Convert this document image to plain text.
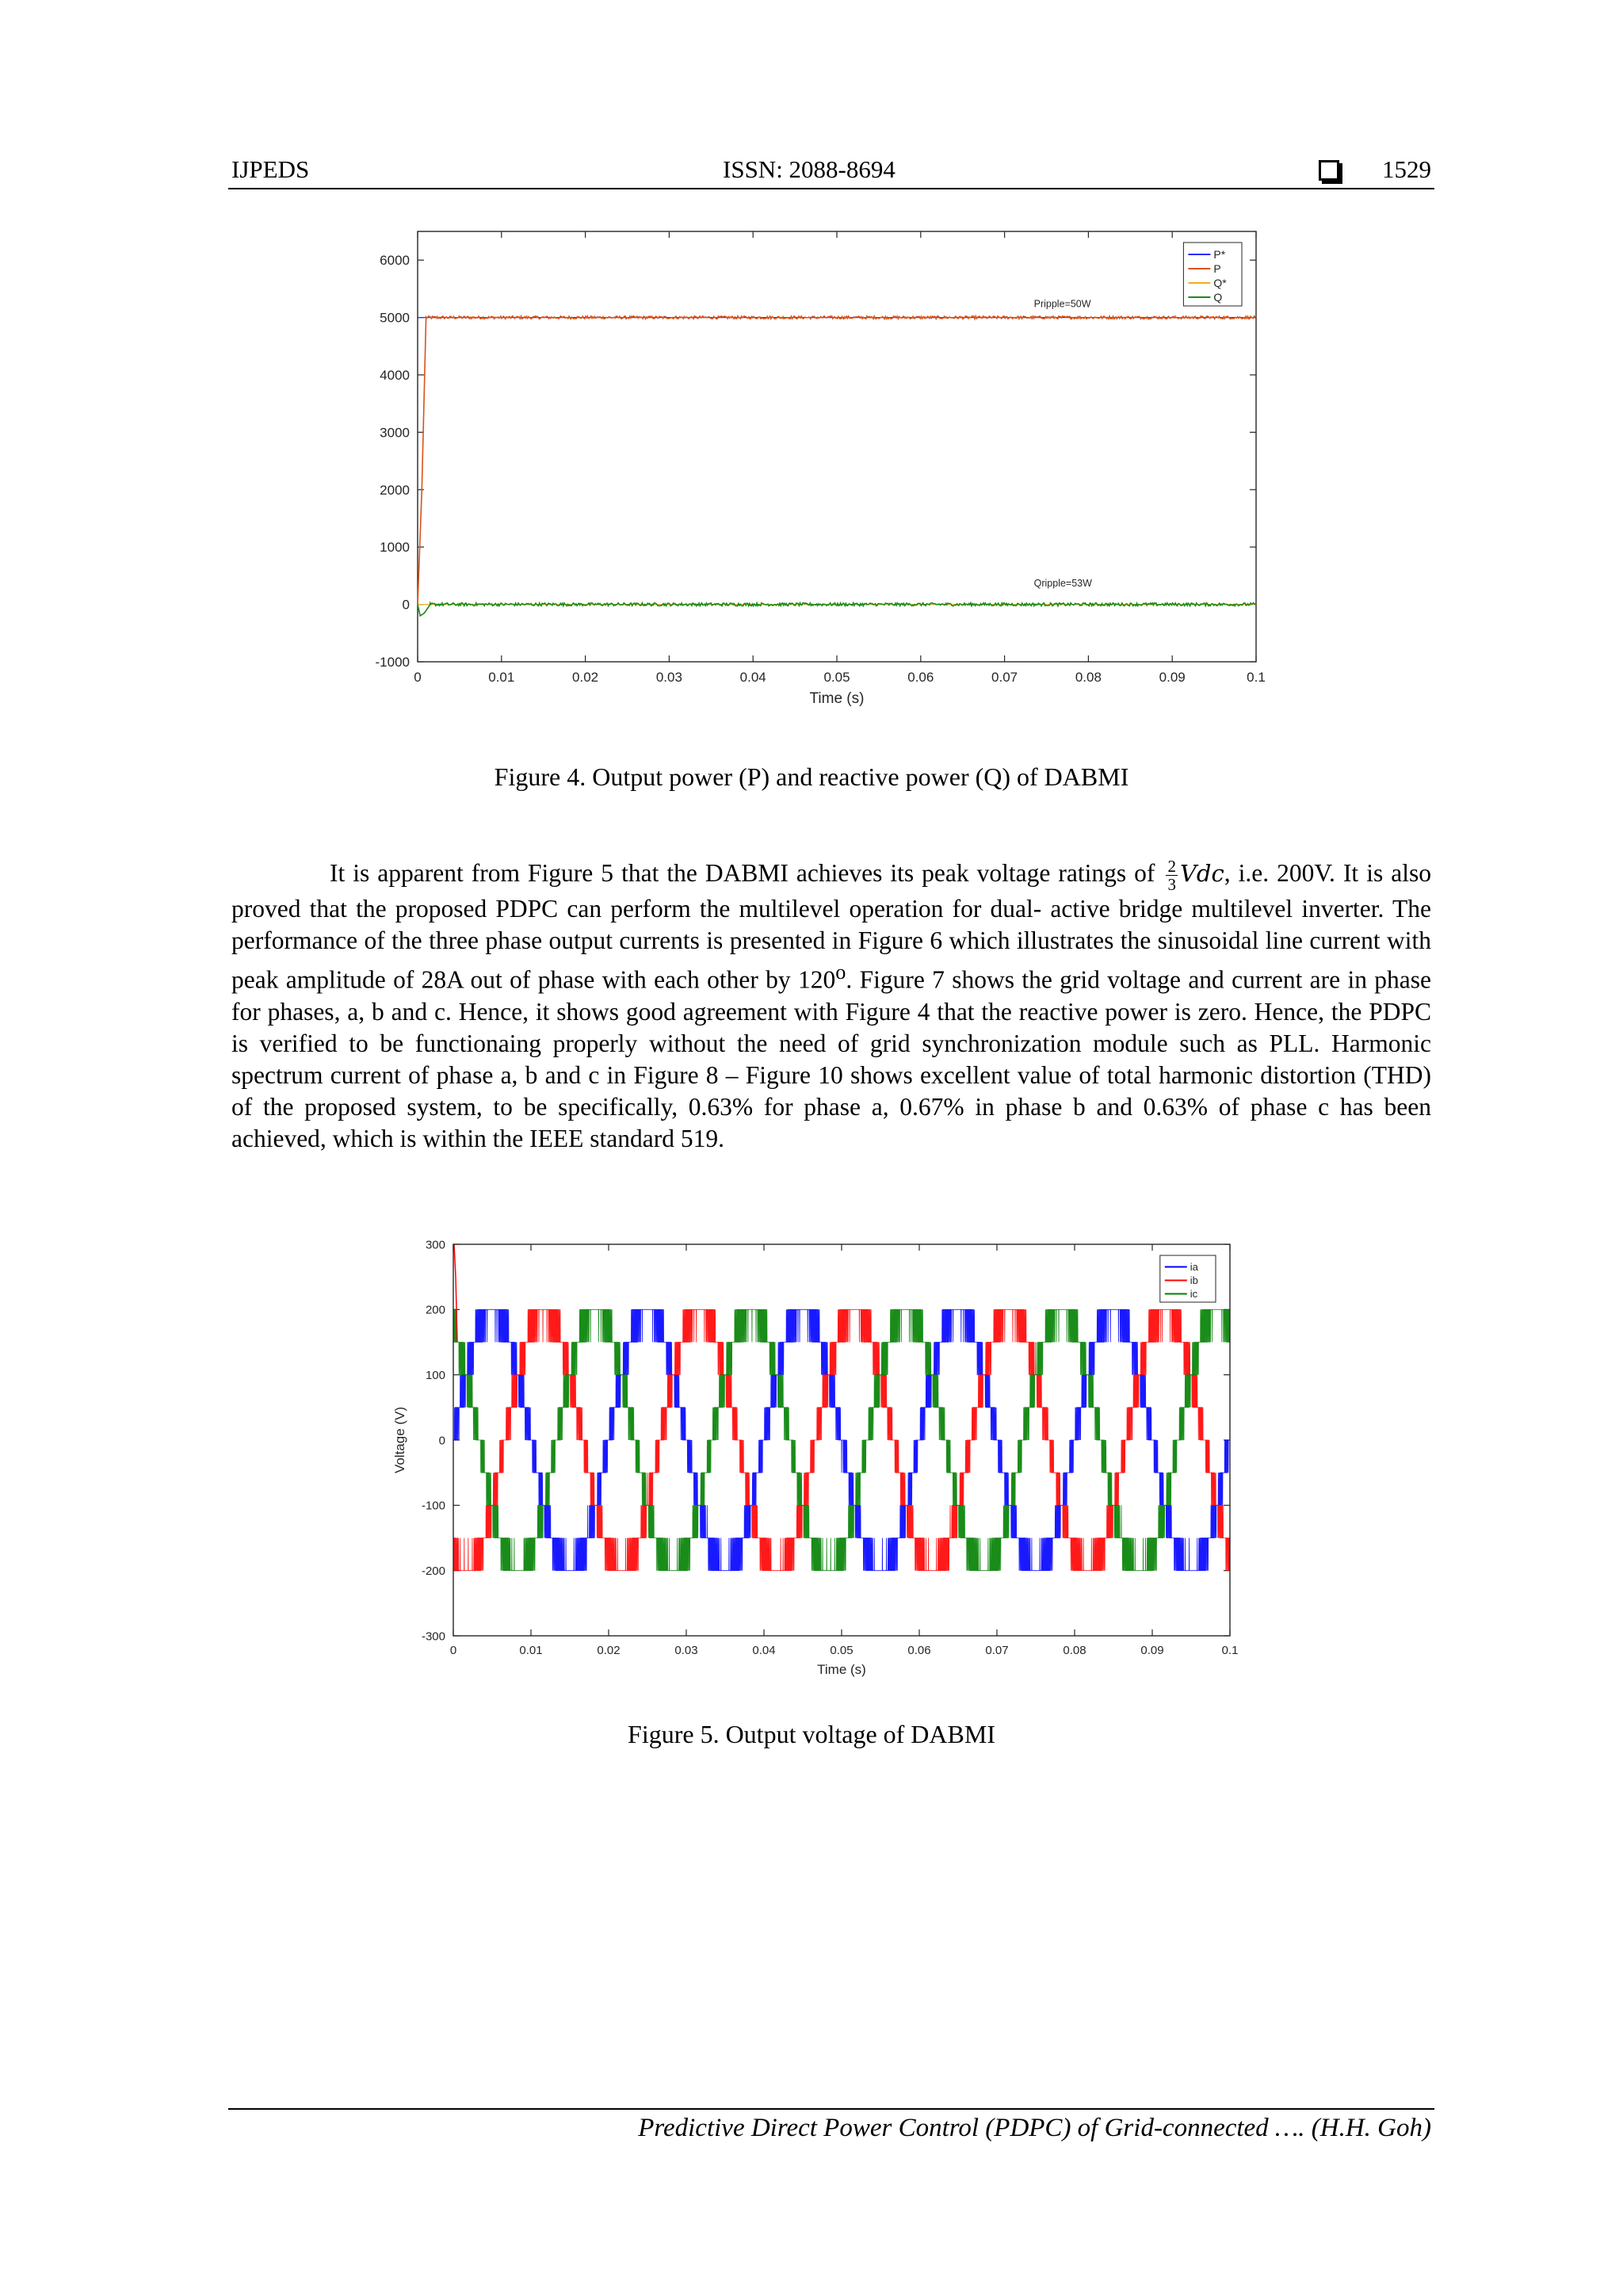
IJPEDS	ISSN: 2088-8694	1529
0	0.01	0.02	0.03	0.04	0.05	0.06	0.07	0.08	0.09	0.1
-1000
0
1000
2000
3000
4000
5000
6000
Time (s)
Pripple=50W
Qripple=53W
P*
P
Q*
Q
Figure 4. Output power (P) and reactive power (Q) of DABMI
It is apparent from Figure 5 that the DABMI achieves its peak voltage ratings of $\frac{2}{3}$ Vdc, i.e. 200V. It is also proved that the proposed PDPC can perform the multilevel operation for dual- active bridge multilevel inverter. The performance of the three phase output currents is presented in Figure 6 which illustrates the sinusoidal line current with peak amplitude of 28A out of phase with each other by 120$^o$. Figure 7 shows the grid voltage and current are in phase for phases, a, b and c. Hence, it shows good agreement with Figure 4 that the reactive power is zero. Hence, the PDPC is verified to be functionaing properly without the need of grid synchronization module such as PLL. Harmonic spectrum current of phase a, b and c in Figure 8 – Figure 10 shows excellent value of total harmonic distortion (THD) of the proposed system, to be specifically, 0.63% for phase a, 0.67% in phase b and 0.63% of phase c has been achieved, which is within the IEEE standard 519.
0	0.01	0.02	0.03	0.04	0.05	0.06	0.07	0.08	0.09	0.1
-300
-200
-100
0
100
200
300
Time (s)
Voltage (V)
ia
ib
ic
Figure 5. Output voltage of DABMI
Predictive Direct Power Control (PDPC) of Grid-connected …. (H.H. Goh)
